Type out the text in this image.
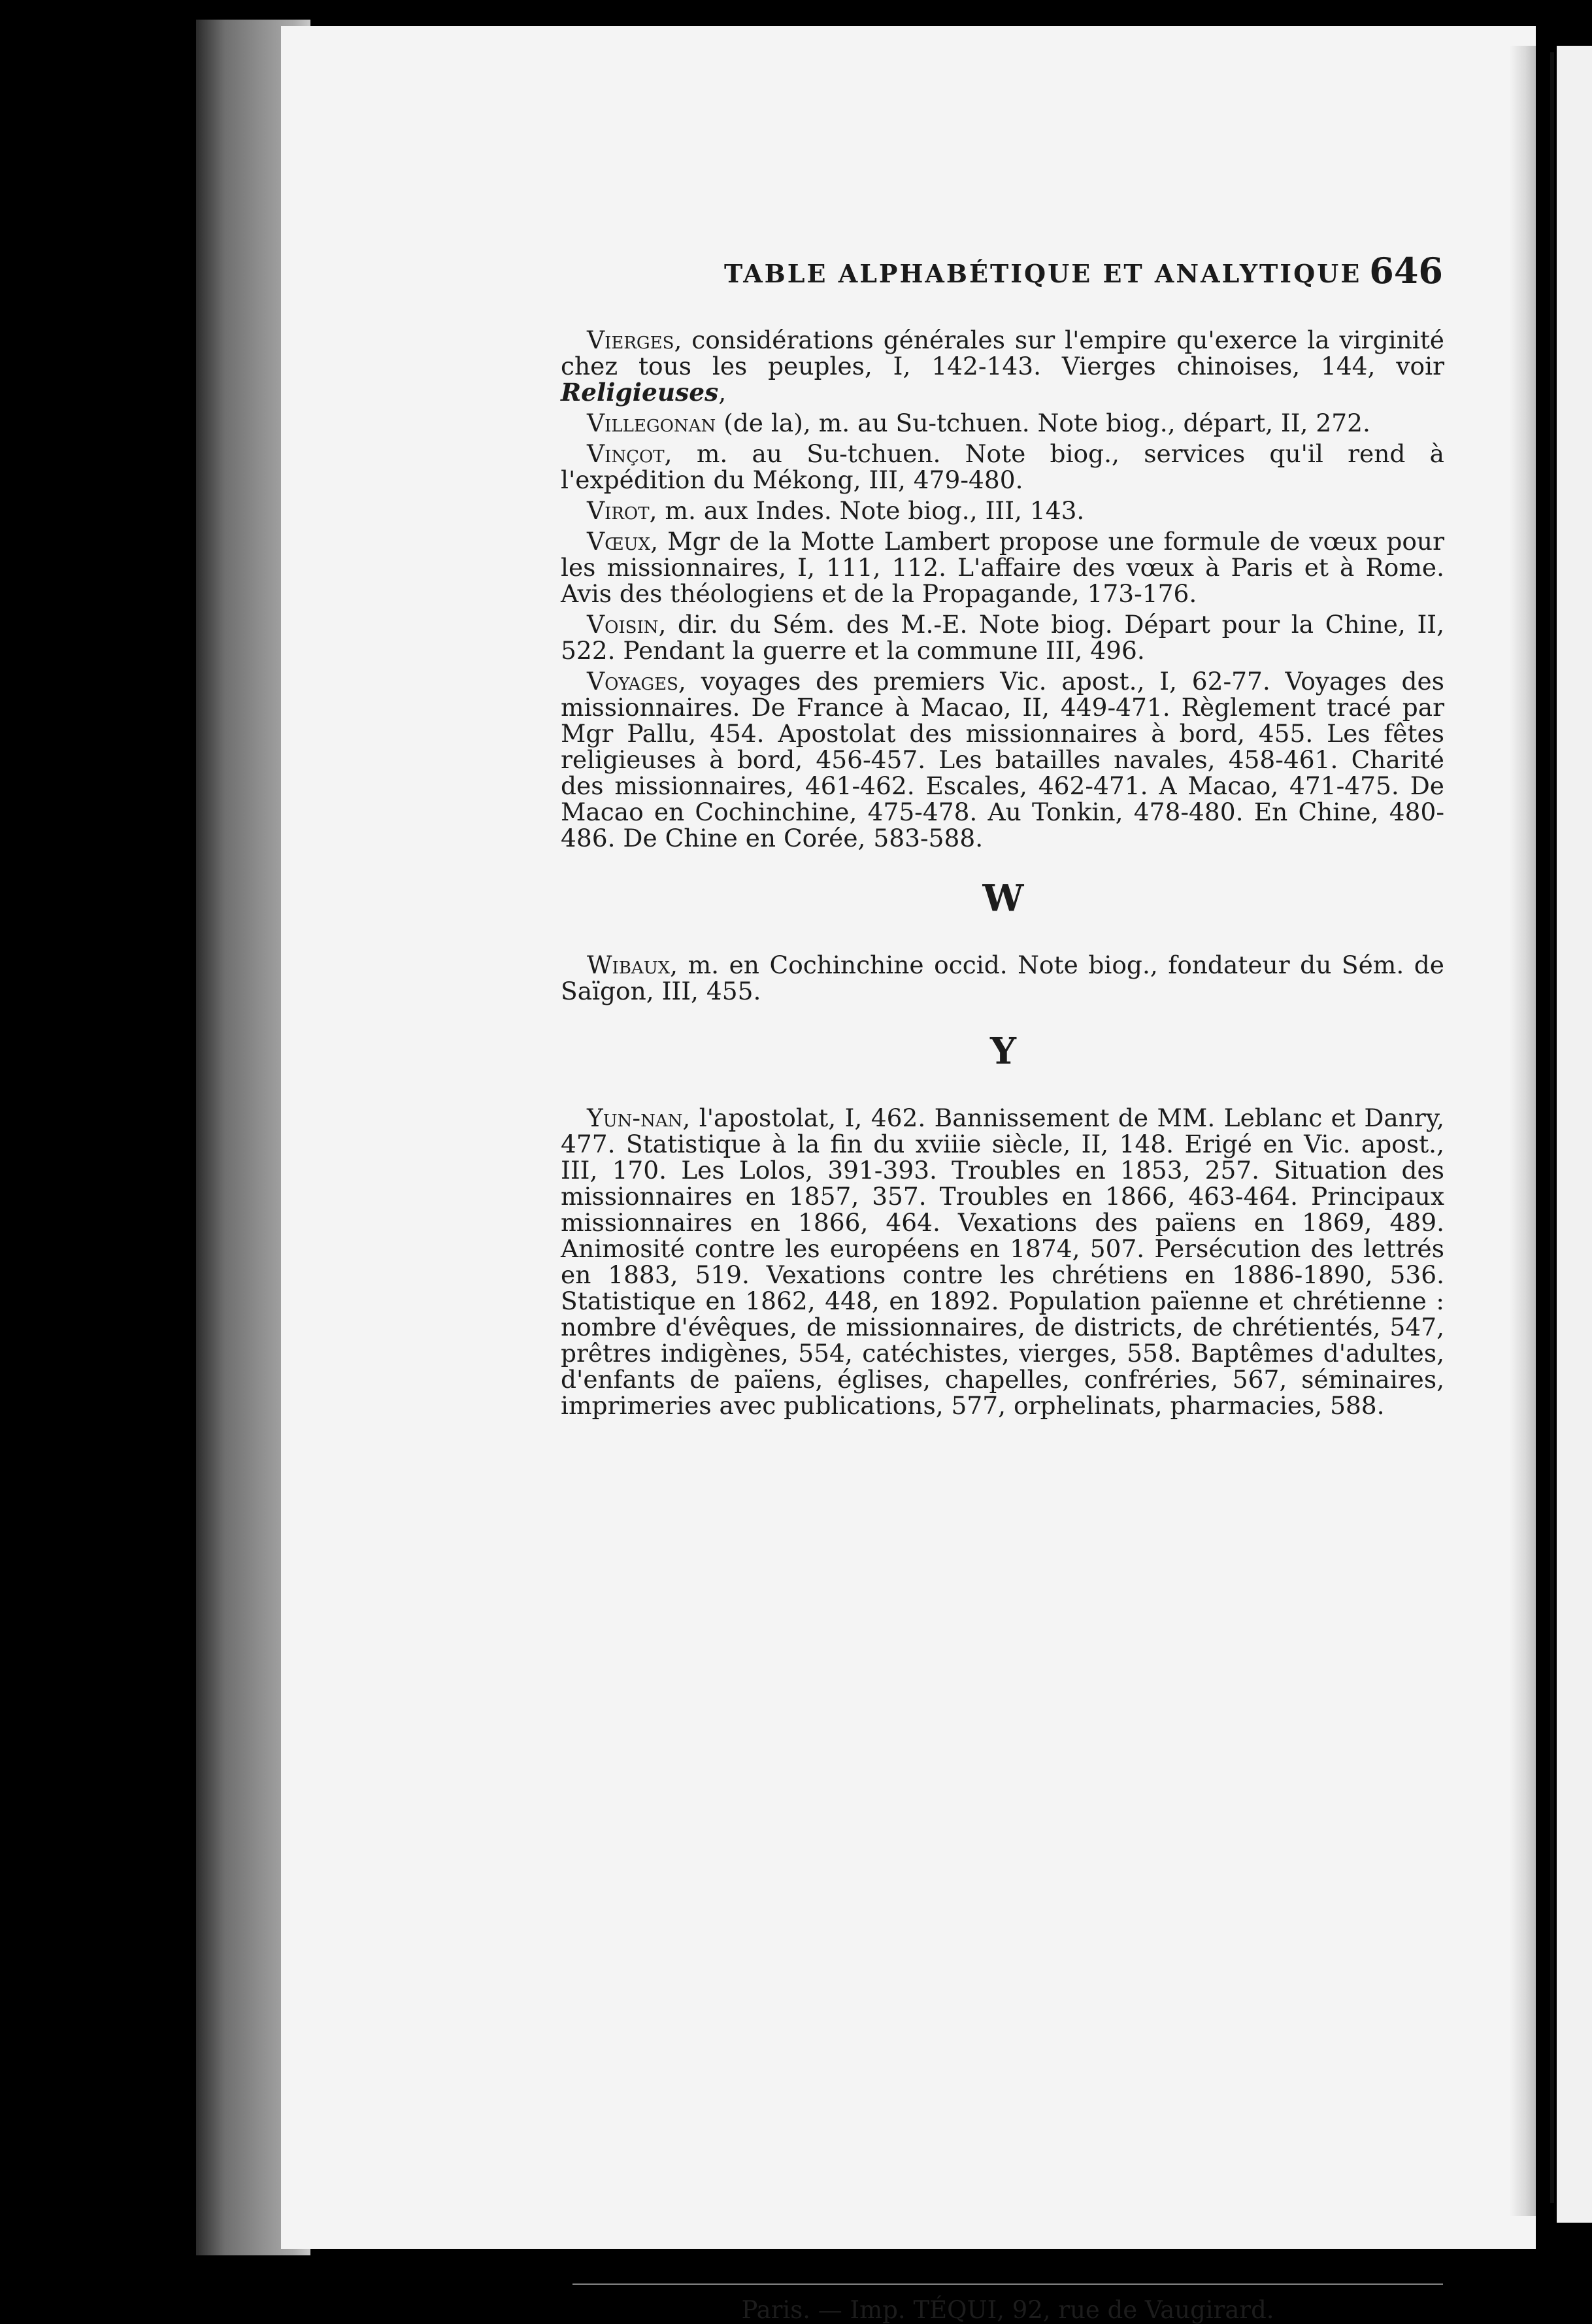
TABLE ALPHABÉTIQUE ET ANALYTIQUE 646

Vierges, considérations générales sur l'empire qu'exerce la virginité chez tous les peuples, I, 142-143. Vierges chinoises, 144, voir Religieuses,

Villegonan (de la), m. au Su-tchuen. Note biog., départ, II, 272.

Vinçot, m. au Su-tchuen. Note biog., services qu'il rend à l'expédition du Mékong, III, 479-480.

Virot, m. aux Indes. Note biog., III, 143.

Vœux, Mgr de la Motte Lambert propose une formule de vœux pour les missionnaires, I, 111, 112. L'affaire des vœux à Paris et à Rome. Avis des théologiens et de la Propagande, 173-176.

Voisin, dir. du Sém. des M.-E. Note biog. Départ pour la Chine, II, 522. Pendant la guerre et la commune III, 496.

Voyages, voyages des premiers Vic. apost., I, 62-77. Voyages des missionnaires. De France à Macao, II, 449-471. Règlement tracé par Mgr Pallu, 454. Apostolat des missionnaires à bord, 455. Les fêtes religieuses à bord, 456-457. Les batailles navales, 458-461. Charité des missionnaires, 461-462. Escales, 462-471. A Macao, 471-475. De Macao en Cochinchine, 475-478. Au Tonkin, 478-480. En Chine, 480-486. De Chine en Corée, 583-588.

W

Wibaux, m. en Cochinchine occid. Note biog., fondateur du Sém. de Saïgon, III, 455.

Y

Yun-nan, l'apostolat, I, 462. Bannissement de MM. Leblanc et Danry, 477. Statistique à la fin du xviiie siècle, II, 148. Erigé en Vic. apost., III, 170. Les Lolos, 391-393. Troubles en 1853, 257. Situation des missionnaires en 1857, 357. Troubles en 1866, 463-464. Principaux missionnaires en 1866, 464. Vexations des païens en 1869, 489. Animosité contre les européens en 1874, 507. Persécution des lettrés en 1883, 519. Vexations contre les chrétiens en 1886-1890, 536. Statistique en 1862, 448, en 1892. Population païenne et chrétienne : nombre d'évêques, de missionnaires, de districts, de chrétientés, 547, prêtres indigènes, 554, catéchistes, vierges, 558. Baptêmes d'adultes, d'enfants de païens, églises, chapelles, confréries, 567, séminaires, imprimeries avec publications, 577, orphelinats, pharmacies, 588.

Paris. — Imp. TÉQUI, 92, rue de Vaugirard.
